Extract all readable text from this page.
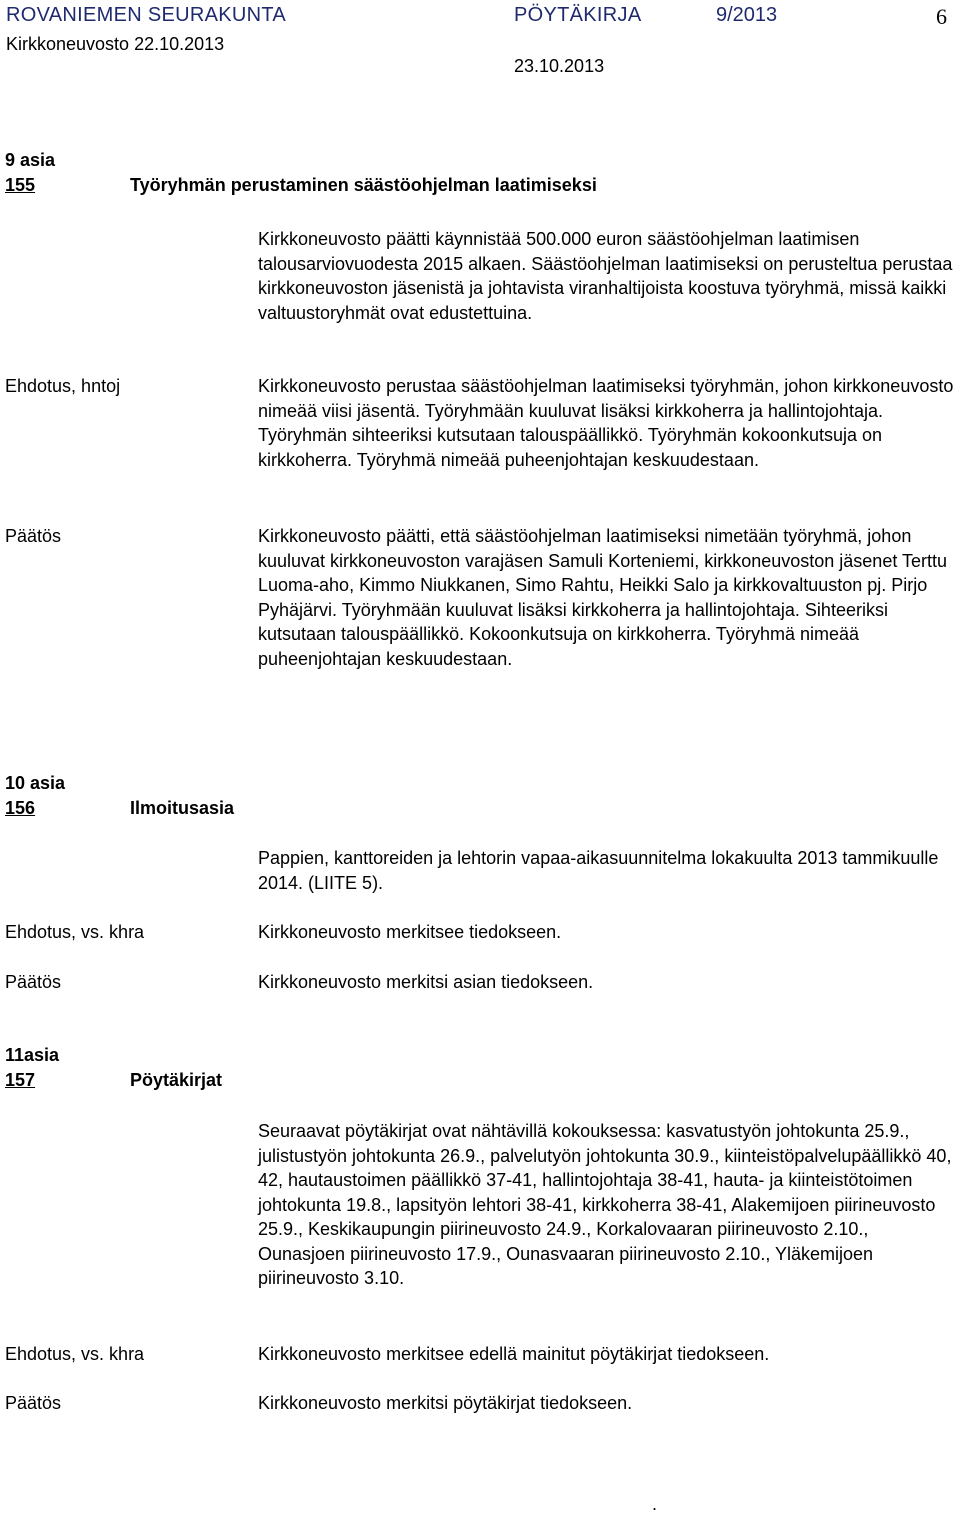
ROVANIEMEN SEURAKUNTA	PÖYTÄKIRJA	9/2013	6
Kirkkoneuvosto 22.10.2013
23.10.2013
9 asia
155	Työryhmän perustaminen säästöohjelman laatimiseksi
Kirkkoneuvosto päätti käynnistää 500.000 euron säästöohjelman laatimisen talousarviovuodesta 2015 alkaen. Säästöohjelman laatimiseksi on perusteltua perustaa kirkkoneuvoston jäsenistä ja johtavista viranhaltijoista koostuva työryhmä, missä kaikki valtuustoryhmät ovat edustettuina.
Ehdotus, hntoj	Kirkkoneuvosto perustaa säästöohjelman laatimiseksi työryhmän, johon kirkkoneuvosto nimeää viisi jäsentä. Työryhmään kuuluvat lisäksi kirkkoherra ja hallintojohtaja. Työryhmän sihteeriksi kutsutaan talouspäällikkö. Työryhmän kokoonkutsuja on kirkkoherra. Työryhmä nimeää puheenjohtajan keskuudestaan.
Päätös	Kirkkoneuvosto päätti, että säästöohjelman laatimiseksi nimetään työryhmä, johon kuuluvat kirkkoneuvoston varajäsen Samuli Korteniemi, kirkkoneuvoston jäsenet Terttu Luoma-aho, Kimmo Niukkanen, Simo Rahtu, Heikki Salo ja kirkkovaltuuston pj. Pirjo Pyhäjärvi. Työryhmään kuuluvat lisäksi kirkkoherra ja hallintojohtaja. Sihteeriksi kutsutaan talouspäällikkö. Kokoonkutsuja on kirkkoherra. Työryhmä nimeää puheenjohtajan keskuudestaan.
10 asia
156	Ilmoitusasia
Pappien, kanttoreiden ja lehtorin vapaa-aikasuunnitelma lokakuulta 2013 tammikuulle 2014. (LIITE 5).
Ehdotus, vs. khra	Kirkkoneuvosto merkitsee tiedokseen.
Päätös	Kirkkoneuvosto merkitsi asian tiedokseen.
11asia
157	Pöytäkirjat
Seuraavat pöytäkirjat ovat nähtävillä kokouksessa: kasvatustyön johtokunta 25.9., julistustyön johtokunta 26.9., palvelutyön johtokunta 30.9., kiinteistöpalvelupäällikkö 40, 42, hautaustoimen päällikkö 37-41, hallintojohtaja 38-41, hauta- ja kiinteistötoimen johtokunta 19.8., lapsityön lehtori 38-41, kirkkoherra 38-41, Alakemijoen piirineuvosto 25.9., Keskikaupungin piirineuvosto 24.9., Korkalovaaran piirineuvosto 2.10., Ounasjoen piirineuvosto 17.9., Ounasvaaran piirineuvosto 2.10., Yläkemijoen piirineuvosto 3.10.
Ehdotus, vs. khra	Kirkkoneuvosto merkitsee edellä mainitut pöytäkirjat tiedokseen.
Päätös	Kirkkoneuvosto merkitsi pöytäkirjat tiedokseen.
.
